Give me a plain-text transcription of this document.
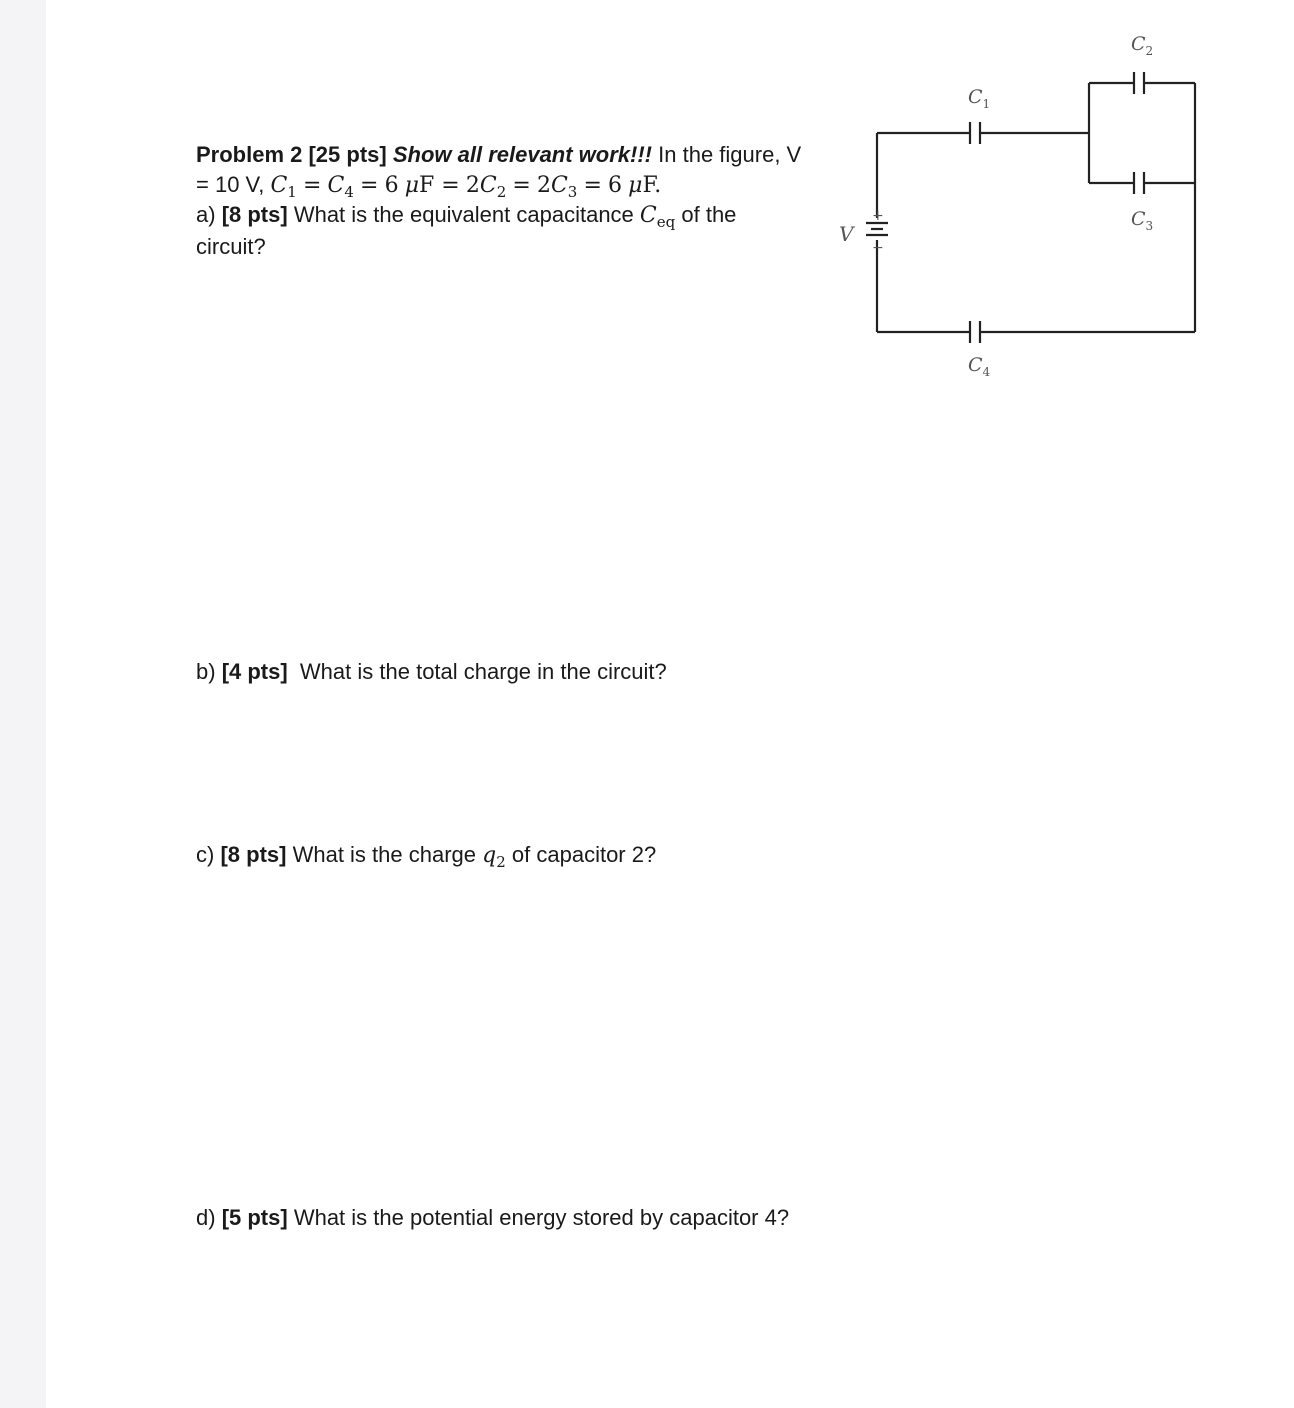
Problem 2 [25 pts] Show all relevant work!!! In the figure, V
= 10 V, $C_1 = C_4 = 6$ $\mu F = 2C_2 = 2C_3 = 6$ μF.
a) [8 pts] What is the equivalent capacitance $C_{eq}$ of the
circuit?
b) [4 pts] What is the total charge in the circuit?
c) [8 pts] What is the charge $q_2$ of capacitor 2?
d) [5 pts] What is the potential energy stored by capacitor 4?
V
+
−
$C_1$
$C_2$
$C_3$
$C_4$
